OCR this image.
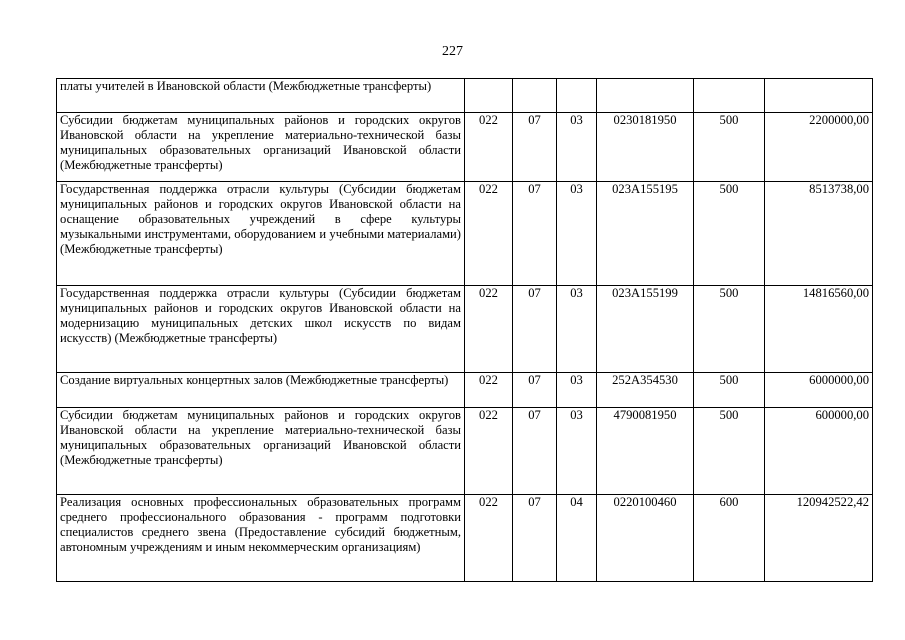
227
платы учителей в Ивановской области (Межбюджетные трансферты)						
Субсидии бюджетам муниципальных районов и городских округов Ивановской области на укрепление материально-технической базы муниципальных образовательных организаций Ивановской области (Межбюджетные трансферты)	022	07	03	0230181950	500	2200000,00
Государственная поддержка отрасли культуры (Субсидии бюджетам муниципальных районов и городских округов Ивановской области на оснащение образовательных учреждений в сфере культуры музыкальными инструментами, оборудованием и учебными материалами) (Межбюджетные трансферты)	022	07	03	023A155195	500	8513738,00
Государственная поддержка отрасли культуры (Субсидии бюджетам муниципальных районов и городских округов Ивановской области на модернизацию муниципальных детских школ искусств по видам искусств) (Межбюджетные трансферты)	022	07	03	023A155199	500	14816560,00
Создание виртуальных концертных залов (Межбюджетные трансферты)	022	07	03	252A354530	500	6000000,00
Субсидии бюджетам муниципальных районов и городских округов Ивановской области на укрепление материально-технической базы муниципальных образовательных организаций Ивановской области (Межбюджетные трансферты)	022	07	03	4790081950	500	600000,00
Реализация основных профессиональных образовательных программ среднего профессионального образования - программ подготовки специалистов среднего звена (Предоставление субсидий бюджетным, автономным учреждениям и иным некоммерческим организациям)	022	07	04	0220100460	600	120942522,42
